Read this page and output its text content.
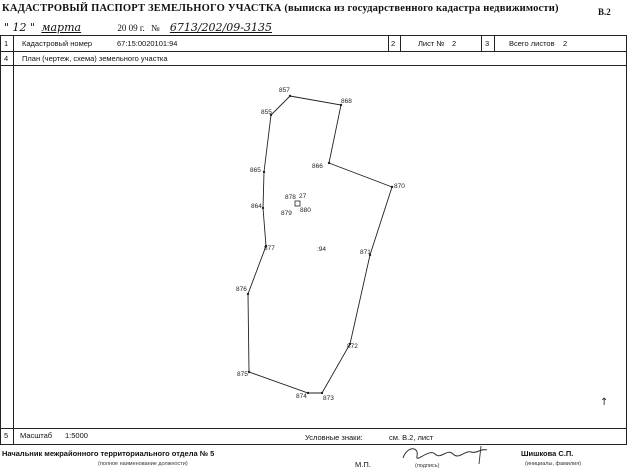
КАДАСТРОВЫЙ ПАСПОРТ ЗЕМЕЛЬНОГО УЧАСТКА (выписка из государственного кадастра недвижимости)	В.2
" 12 " марта	20 09 г. № 6713/202/09-3135
1 Кадастровый номер	67:15:0020101:94	2	Лист № 2	3	Всего листов 2
4 План (чертеж, схема) земельного участка
857
868
866
870
871
872
873
874
875
876
877
864
865
855
878 27
879 880
:94
↑
5 Масштаб 1:5000	Условные знаки:	см. В.2, лист
Начальник межрайонного территориального отдела № 5
(полное наименование должности)	М.П.	(подпись)
Шишкова С.П.
(инициалы, фамилия)
